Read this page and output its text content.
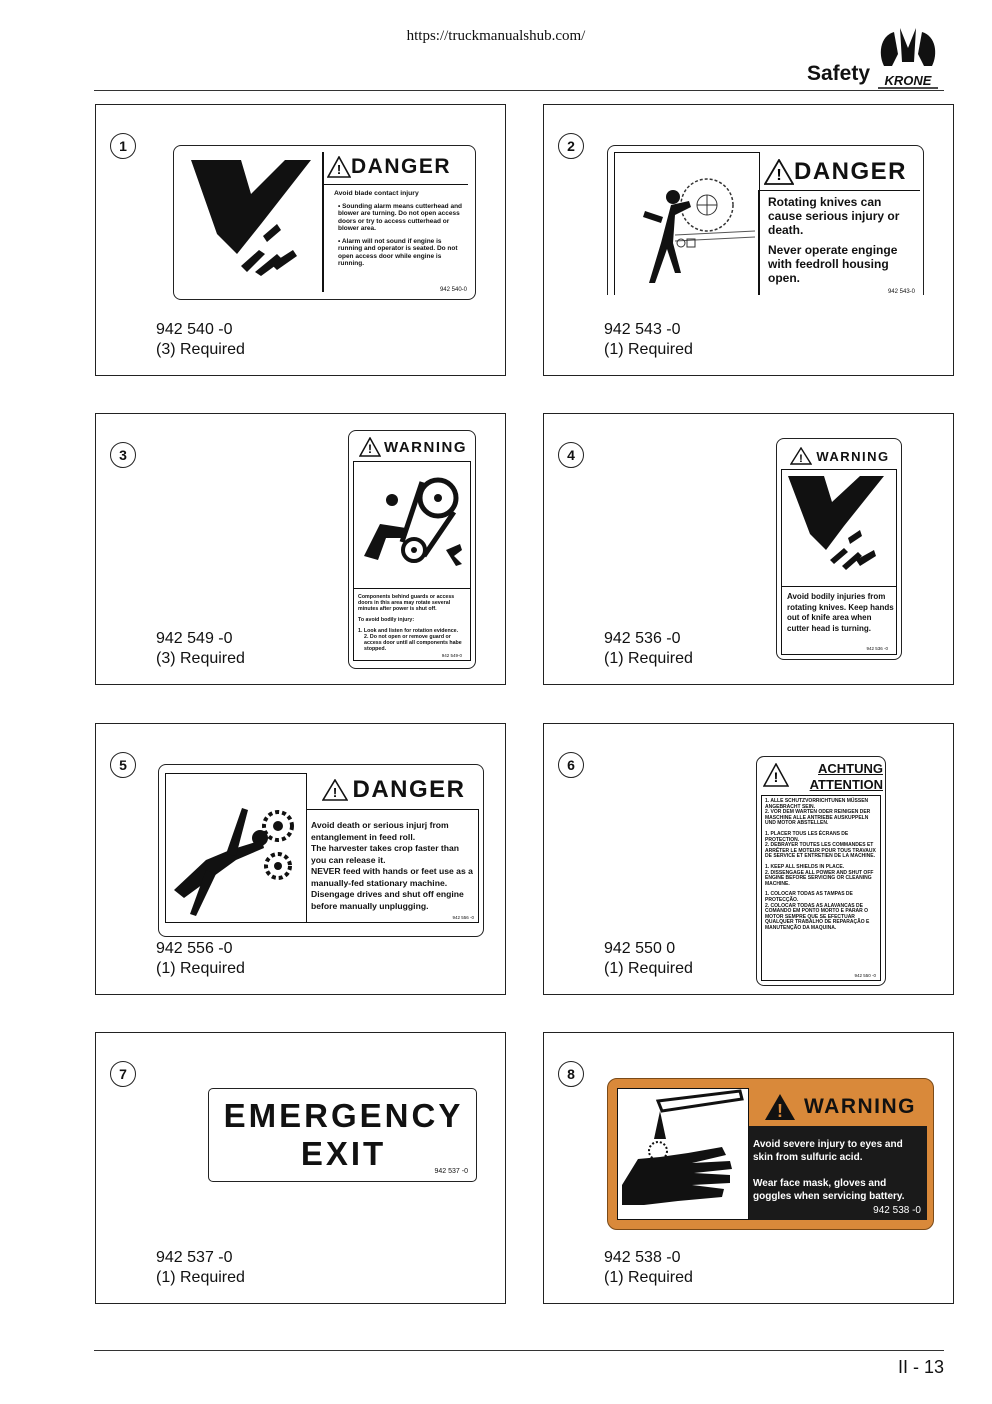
https://truckmanualshub.com/
Safety KRONE
1
! DANGER
Avoid blade contact injury
• Sounding alarm means cutterhead and blower are turning. Do not open access doors or try to access cutterhead or blower area.
• Alarm will not sound if engine is running and operator is seated. Do not open access door while engine is running.
942 540-0
942 540 -0
(3) Required
2
! DANGER
Rotating knives can cause serious injury or death.
Never operate enginge with feedroll housing open.
942 543-0
942 543 -0
(1) Required
3	! WARNING
Components behind guards or access doors in this area may rotate several minutes after power is shut off.
To avoid bodily injury:
1. Look and listen for rotation evidence.
2. Do not open or remove guard or access door until all components habe stopped.
942 549-0
942 549 -0
(3) Required
4	! WARNING
Avoid bodily injuries from rotating knives. Keep hands out of knife area when cutter head is turning.
942 536 -0
942 536 -0
(1) Required
5
! DANGER
Avoid death or serious injurj from entanglement in feed roll.
The harvester takes crop faster than you can release it.
NEVER feed with hands or feet use as a manually-fed stationary machine.
Disengage drives and shut off engine before manually unplugging.
942 556 -0
942 556 -0
(1) Required
6
!
ACHTUNG
ATTENTION
1. ALLE SCHUTZVORRICHTUNEN MÜSSEN ANGEBRACHT SEIN.
2. VOR DEM WARTEN ODER REINIGEN DER MASCHINE ALLE ANTRIEBE AUSKUPPELN UND MOTOR ABSTELLEN.
1. PLACER TOUS LES ÉCRANS DE PROTECTION.
2. DEBRAYER TOUTES LES COMMANDES ET ARRÊTER LE MOTEUR POUR TOUS TRAVAUX DE SERVICE ET ENTRETIEN DE LA MACHINE.
1. KEEP ALL SHIELDS IN PLACE.
2. DISSENGAGE ALL POWER AND SHUT OFF ENGINE BEFORE SERVICING OR CLEANING MACHINE.
1. COLOCAR TODAS AS TAMPAS DE PROTECÇÃO.
2. COLOCAR TODAS AS ALAVANCAS DE COMANDO EM PONTO MORTO E PARAR O MOTOR SEMPRE QUE SE EFECTUAR QUALQUER TRABALHO DE REPARAÇÃO E MANUTENÇÃO DA MAQUINA.
942 550 -0
942 550 0
(1) Required
7
EMERGENCY
EXIT	942 537 -0
942 537 -0
(1) Required
8
! WARNING
Avoid severe injury to eyes and skin from sulfuric acid.
Wear face mask, gloves and goggles when servicing battery.
942 538 -0
942 538 -0
(1) Required
II - 13
